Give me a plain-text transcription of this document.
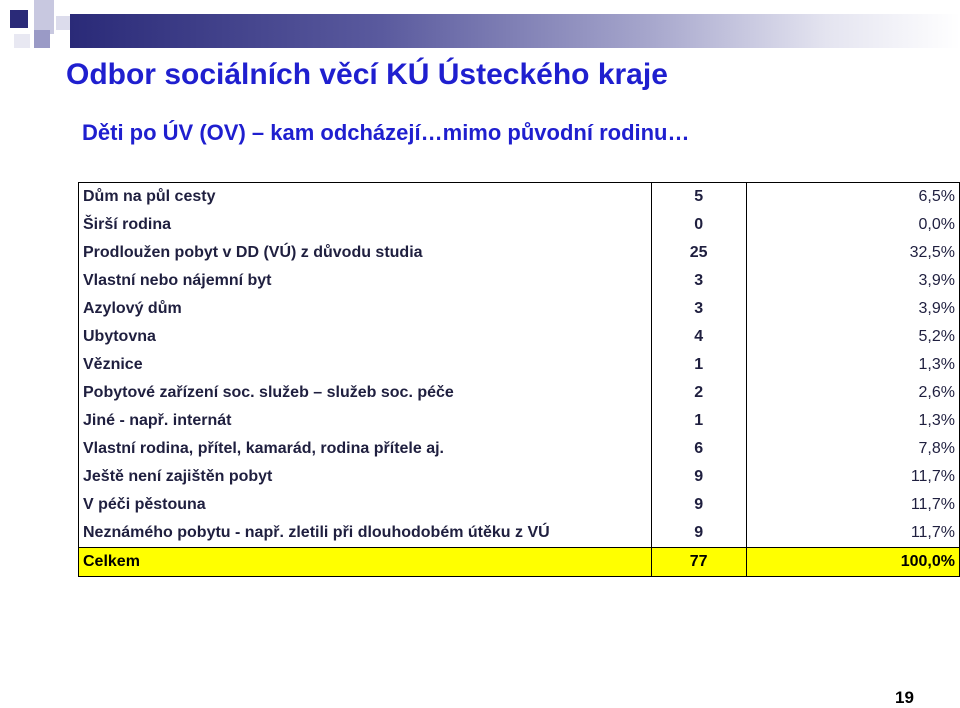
Odbor sociálních věcí KÚ Ústeckého kraje
Děti po ÚV (OV) – kam odcházejí…mimo původní rodinu…
Dům na půl cesty	5	6,5%
Širší rodina	0	0,0%
Prodloužen pobyt v DD (VÚ) z důvodu studia	25	32,5%
Vlastní nebo nájemní byt	3	3,9%
Azylový dům	3	3,9%
Ubytovna	4	5,2%
Věznice	1	1,3%
Pobytové zařízení soc. služeb – služeb soc. péče	2	2,6%
Jiné - např. internát	1	1,3%
Vlastní rodina, přítel, kamarád, rodina přítele aj.	6	7,8%
Ještě není zajištěn pobyt	9	11,7%
V péči pěstouna	9	11,7%
Neznámého pobytu - např. zletili při dlouhodobém útěku z VÚ	9	11,7%
Celkem	77	100,0%
19
